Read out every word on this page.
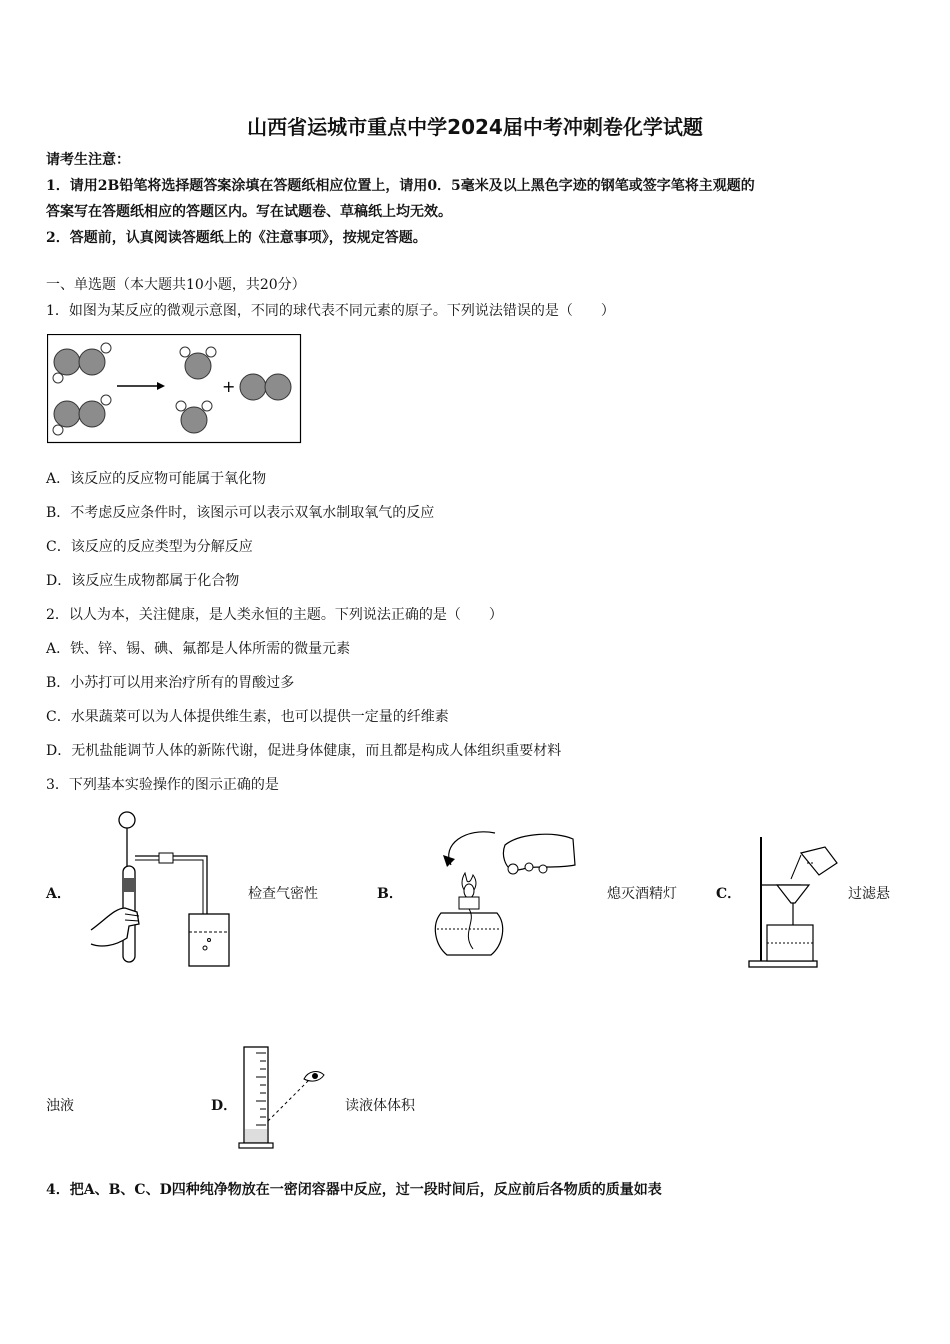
山西省运城市重点中学2024届中考冲刺卷化学试题
请考生注意：
1．请用2B铅笔将选择题答案涂填在答题纸相应位置上，请用0．5毫米及以上黑色字迹的钢笔或签字笔将主观题的
答案写在答题纸相应的答题区内。写在试题卷、草稿纸上均无效。
2．答题前，认真阅读答题纸上的《注意事项》，按规定答题。
一、单选题（本大题共10小题，共20分）
1．如图为某反应的微观示意图，不同的球代表不同元素的原子。下列说法错误的是（　　）
+
A．该反应的反应物可能属于氧化物
B．不考虑反应条件时，该图示可以表示双氧水制取氧气的反应
C．该反应的反应类型为分解反应
D．该反应生成物都属于化合物
2．以人为本，关注健康，是人类永恒的主题。下列说法正确的是（　　）
A．铁、锌、锡、碘、氟都是人体所需的微量元素
B．小苏打可以用来治疗所有的胃酸过多
C．水果蔬菜可以为人体提供维生素，也可以提供一定量的纤维素
D．无机盐能调节人体的新陈代谢，促进身体健康，而且都是构成人体组织重要材料
3．下列基本实验操作的图示正确的是
A．	检查气密性	B．	熄灭酒精灯	C．	过滤悬
浊液	D．	读液体体积
4．把A、B、C、D四种纯净物放在一密闭容器中反应，过一段时间后，反应前后各物质的质量如表
